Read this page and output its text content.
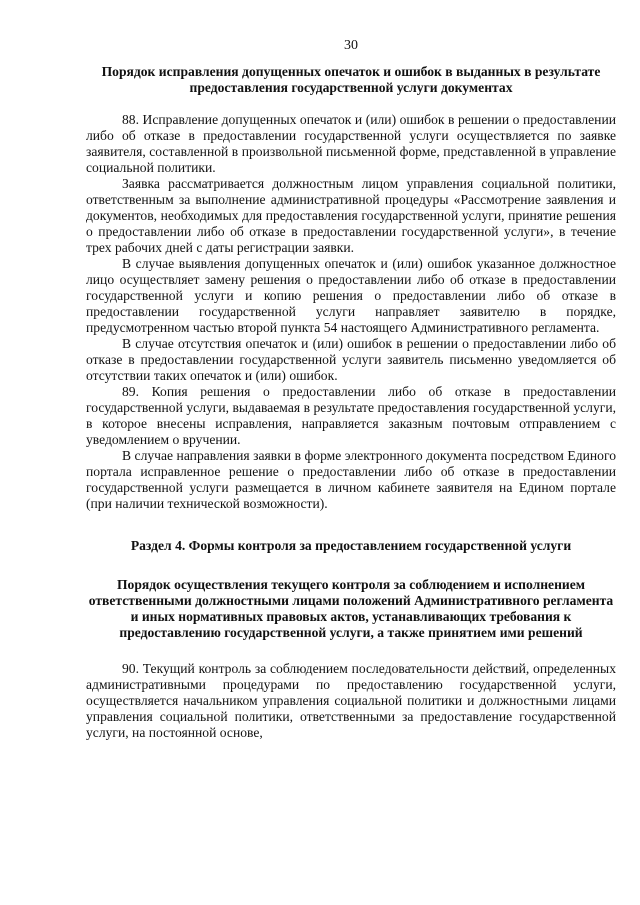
30
Порядок исправления допущенных опечаток и ошибок в выданных в результате предоставления государственной услуги документах

88. Исправление допущенных опечаток и (или) ошибок в решении о предоставлении либо об отказе в предоставлении государственной услуги осуществляется по заявке заявителя, составленной в произвольной письменной форме, представленной в управление социальной политики.

Заявка рассматривается должностным лицом управления социальной политики, ответственным за выполнение административной процедуры «Рассмотрение заявления и документов, необходимых для предоставления государственной услуги, принятие решения о предоставлении либо об отказе в предоставлении государственной услуги», в течение трех рабочих дней с даты регистрации заявки.

В случае выявления допущенных опечаток и (или) ошибок указанное должностное лицо осуществляет замену решения о предоставлении либо об отказе в предоставлении государственной услуги и копию решения о предоставлении либо об отказе в предоставлении государственной услуги направляет заявителю в порядке, предусмотренном частью второй пункта 54 настоящего Административного регламента.

В случае отсутствия опечаток и (или) ошибок в решении о предоставлении либо об отказе в предоставлении государственной услуги заявитель письменно уведомляется об отсутствии таких опечаток и (или) ошибок.

89. Копия решения о предоставлении либо об отказе в предоставлении государственной услуги, выдаваемая в результате предоставления государственной услуги, в которое внесены исправления, направляется заказным почтовым отправлением с уведомлением о вручении.

В случае направления заявки в форме электронного документа посредством Единого портала исправленное решение о предоставлении либо об отказе в предоставлении государственной услуги размещается в личном кабинете заявителя на Едином портале (при наличии технической возможности).

Раздел 4. Формы контроля за предоставлением государственной услуги
Порядок осуществления текущего контроля за соблюдением и исполнением ответственными должностными лицами положений Административного регламента и иных нормативных правовых актов, устанавливающих требования к предоставлению государственной услуги, а также принятием ими решений

90. Текущий контроль за соблюдением последовательности действий, определенных административными процедурами по предоставлению государственной услуги, осуществляется начальником управления социальной политики и должностными лицами управления социальной политики, ответственными за предоставление государственной услуги, на постоянной основе,
